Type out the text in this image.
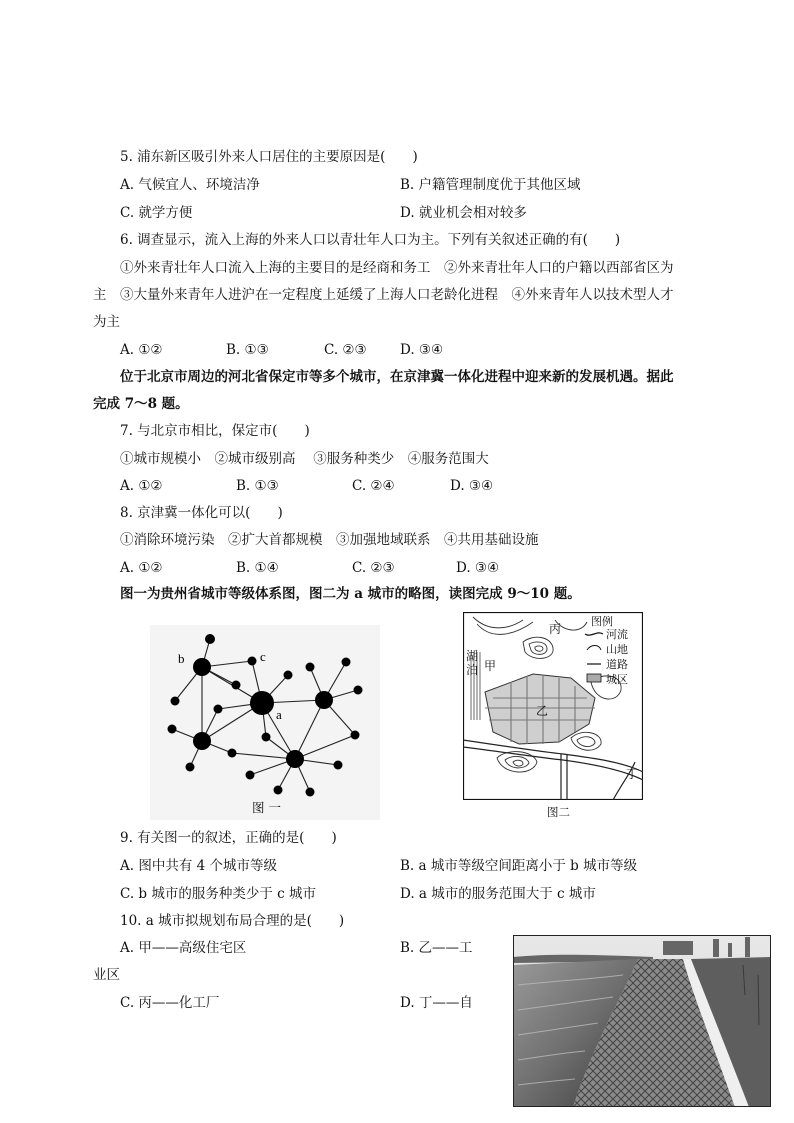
5. 浦东新区吸引外来人口居住的主要原因是(　　)
A. 气候宜人、环境洁净	B. 户籍管理制度优于其他区域
C. 就学方便	D. 就业机会相对较多
6. 调查显示，流入上海的外来人口以青壮年人口为主。下列有关叙述正确的有(　　)
①外来青壮年人口流入上海的主要目的是经商和务工　②外来青壮年人口的户籍以西部省区为
主　③大量外来青年人进沪在一定程度上延缓了上海人口老龄化进程　④外来青年人以技术型人才
为主
A. ①②	B. ①③	C. ②③ D. ③④
位于北京市周边的河北省保定市等多个城市，在京津冀一体化进程中迎来新的发展机遇。据此
完成 7～8 题。
7. 与北京市相比，保定市(　　)
①城市规模小　②城市级别高　 ③服务种类少　④服务范围大
A. ①②	B. ①③	C. ②④	D. ③④
8. 京津冀一体化可以(　　)
①消除环境污染　②扩大首都规模　③加强地域联系　④共用基础设施
A. ①②	B. ①④	C. ②③	D. ③④
图一为贵州省城市等级体系图，图二为 a 城市的略图，读图完成 9～10 题。
a
b	c
图 一
图例
河流
山地
道路
城区
湖
泊 甲
丙
乙
丁
图二
9. 有关图一的叙述，正确的是(　　)
A. 图中共有 4 个城市等级	B. a 城市等级空间距离小于 b 城市等级
C. b 城市的服务种类少于 c 城市	D. a 城市的服务范围大于 c 城市
10. a 城市拟规划布局合理的是(　　)
A. 甲——高级住宅区	B. 乙——工
业区
C. 丙——化工厂	D. 丁——自
